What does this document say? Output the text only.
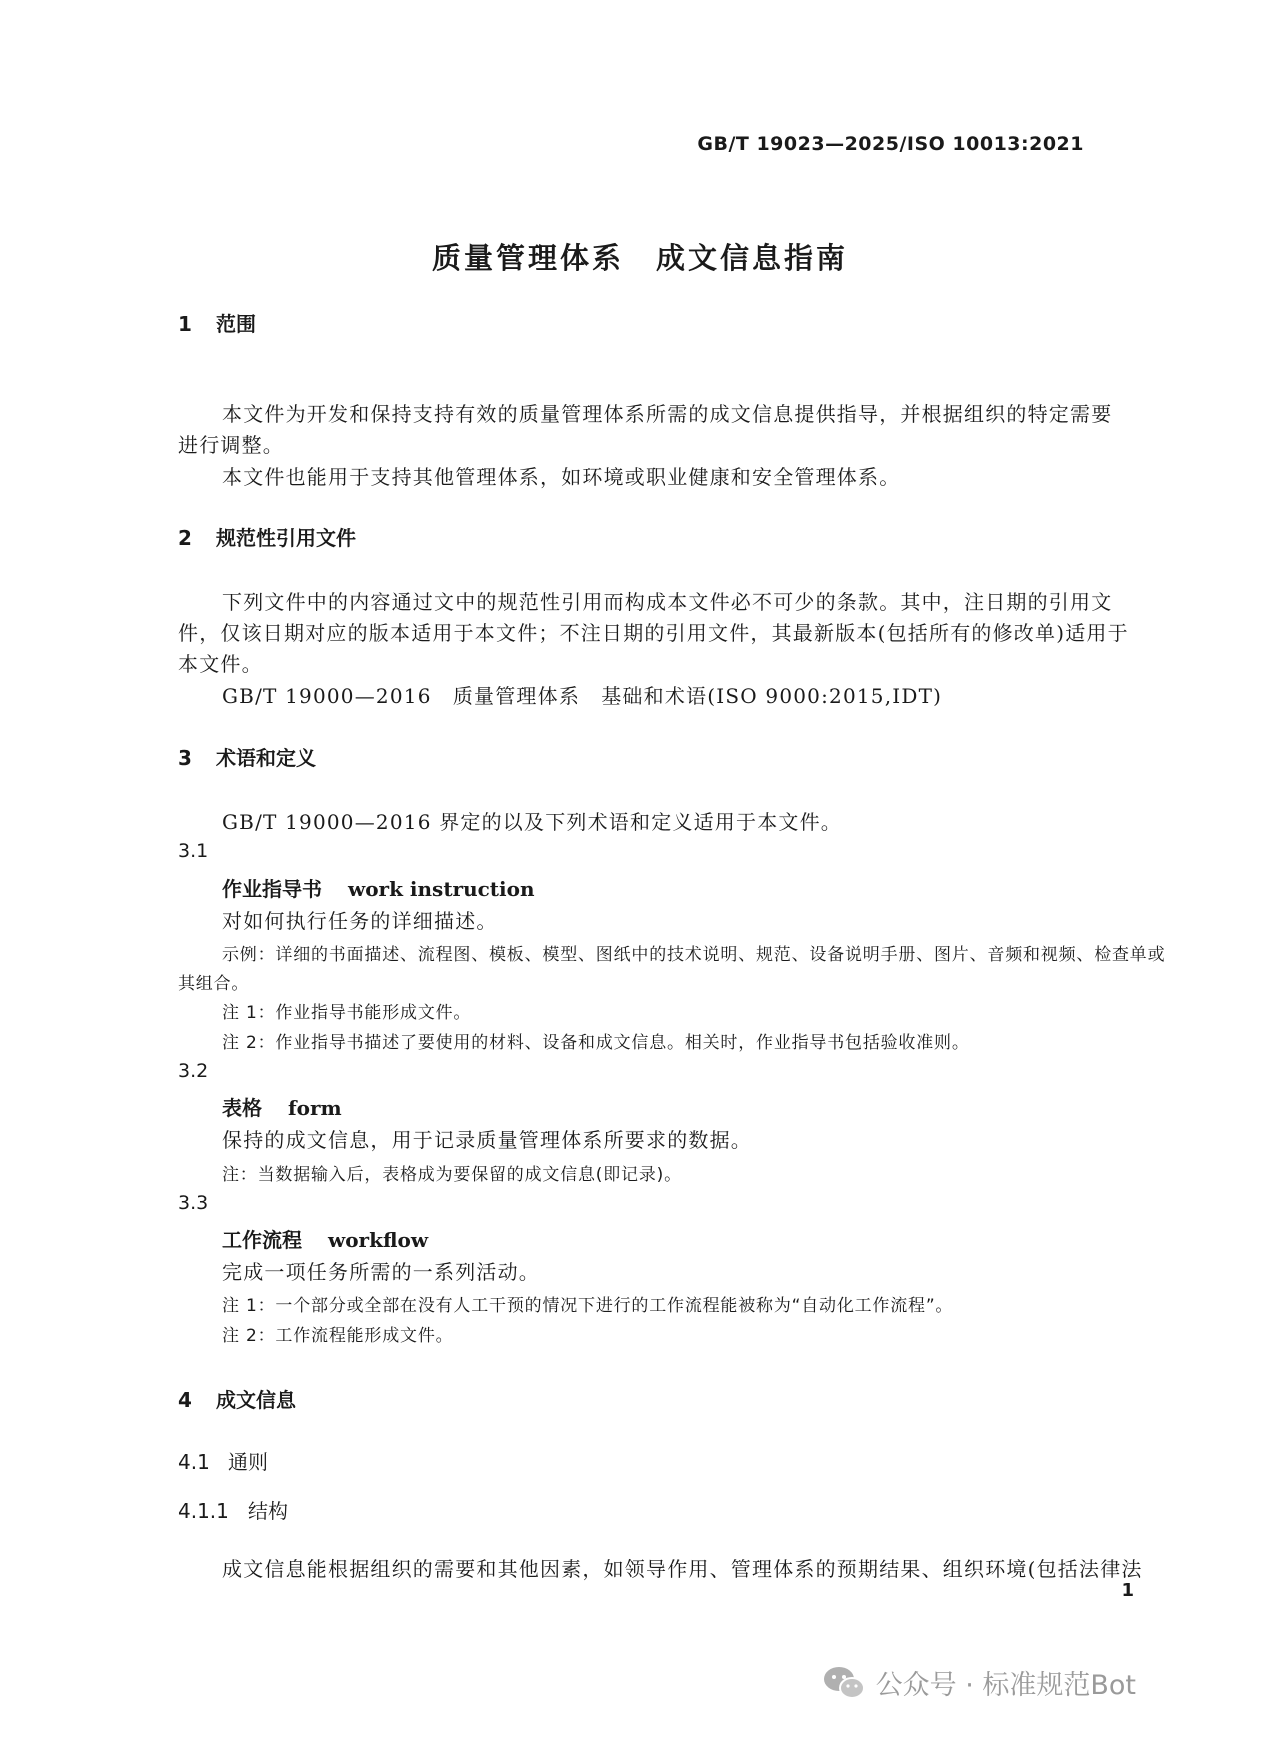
GB/T 19023—2025/ISO 10013:2021
质量管理体系　成文信息指南
1 范围
本文件为开发和保持支持有效的质量管理体系所需的成文信息提供指导，并根据组织的特定需要
进行调整。
本文件也能用于支持其他管理体系，如环境或职业健康和安全管理体系。
2 规范性引用文件
下列文件中的内容通过文中的规范性引用而构成本文件必不可少的条款。其中，注日期的引用文
件，仅该日期对应的版本适用于本文件；不注日期的引用文件，其最新版本(包括所有的修改单)适用于
本文件。
GB/T 19000—2016　质量管理体系　基础和术语(ISO 9000:2015,IDT)
3 术语和定义
GB/T 19000—2016 界定的以及下列术语和定义适用于本文件。
3.1
作业指导书 work instruction
对如何执行任务的详细描述。
示例：详细的书面描述、流程图、模板、模型、图纸中的技术说明、规范、设备说明手册、图片、音频和视频、检查单或
其组合。
注 1：作业指导书能形成文件。
注 2：作业指导书描述了要使用的材料、设备和成文信息。相关时，作业指导书包括验收准则。
3.2
表格 form
保持的成文信息，用于记录质量管理体系所要求的数据。
注：当数据输入后，表格成为要保留的成文信息(即记录)。
3.3
工作流程 workflow
完成一项任务所需的一系列活动。
注 1：一个部分或全部在没有人工干预的情况下进行的工作流程能被称为“自动化工作流程”。
注 2：工作流程能形成文件。
4 成文信息
4.1 通则
4.1.1 结构
成文信息能根据组织的需要和其他因素，如领导作用、管理体系的预期结果、组织环境(包括法律法
1
公众号 · 标准规范Bot
